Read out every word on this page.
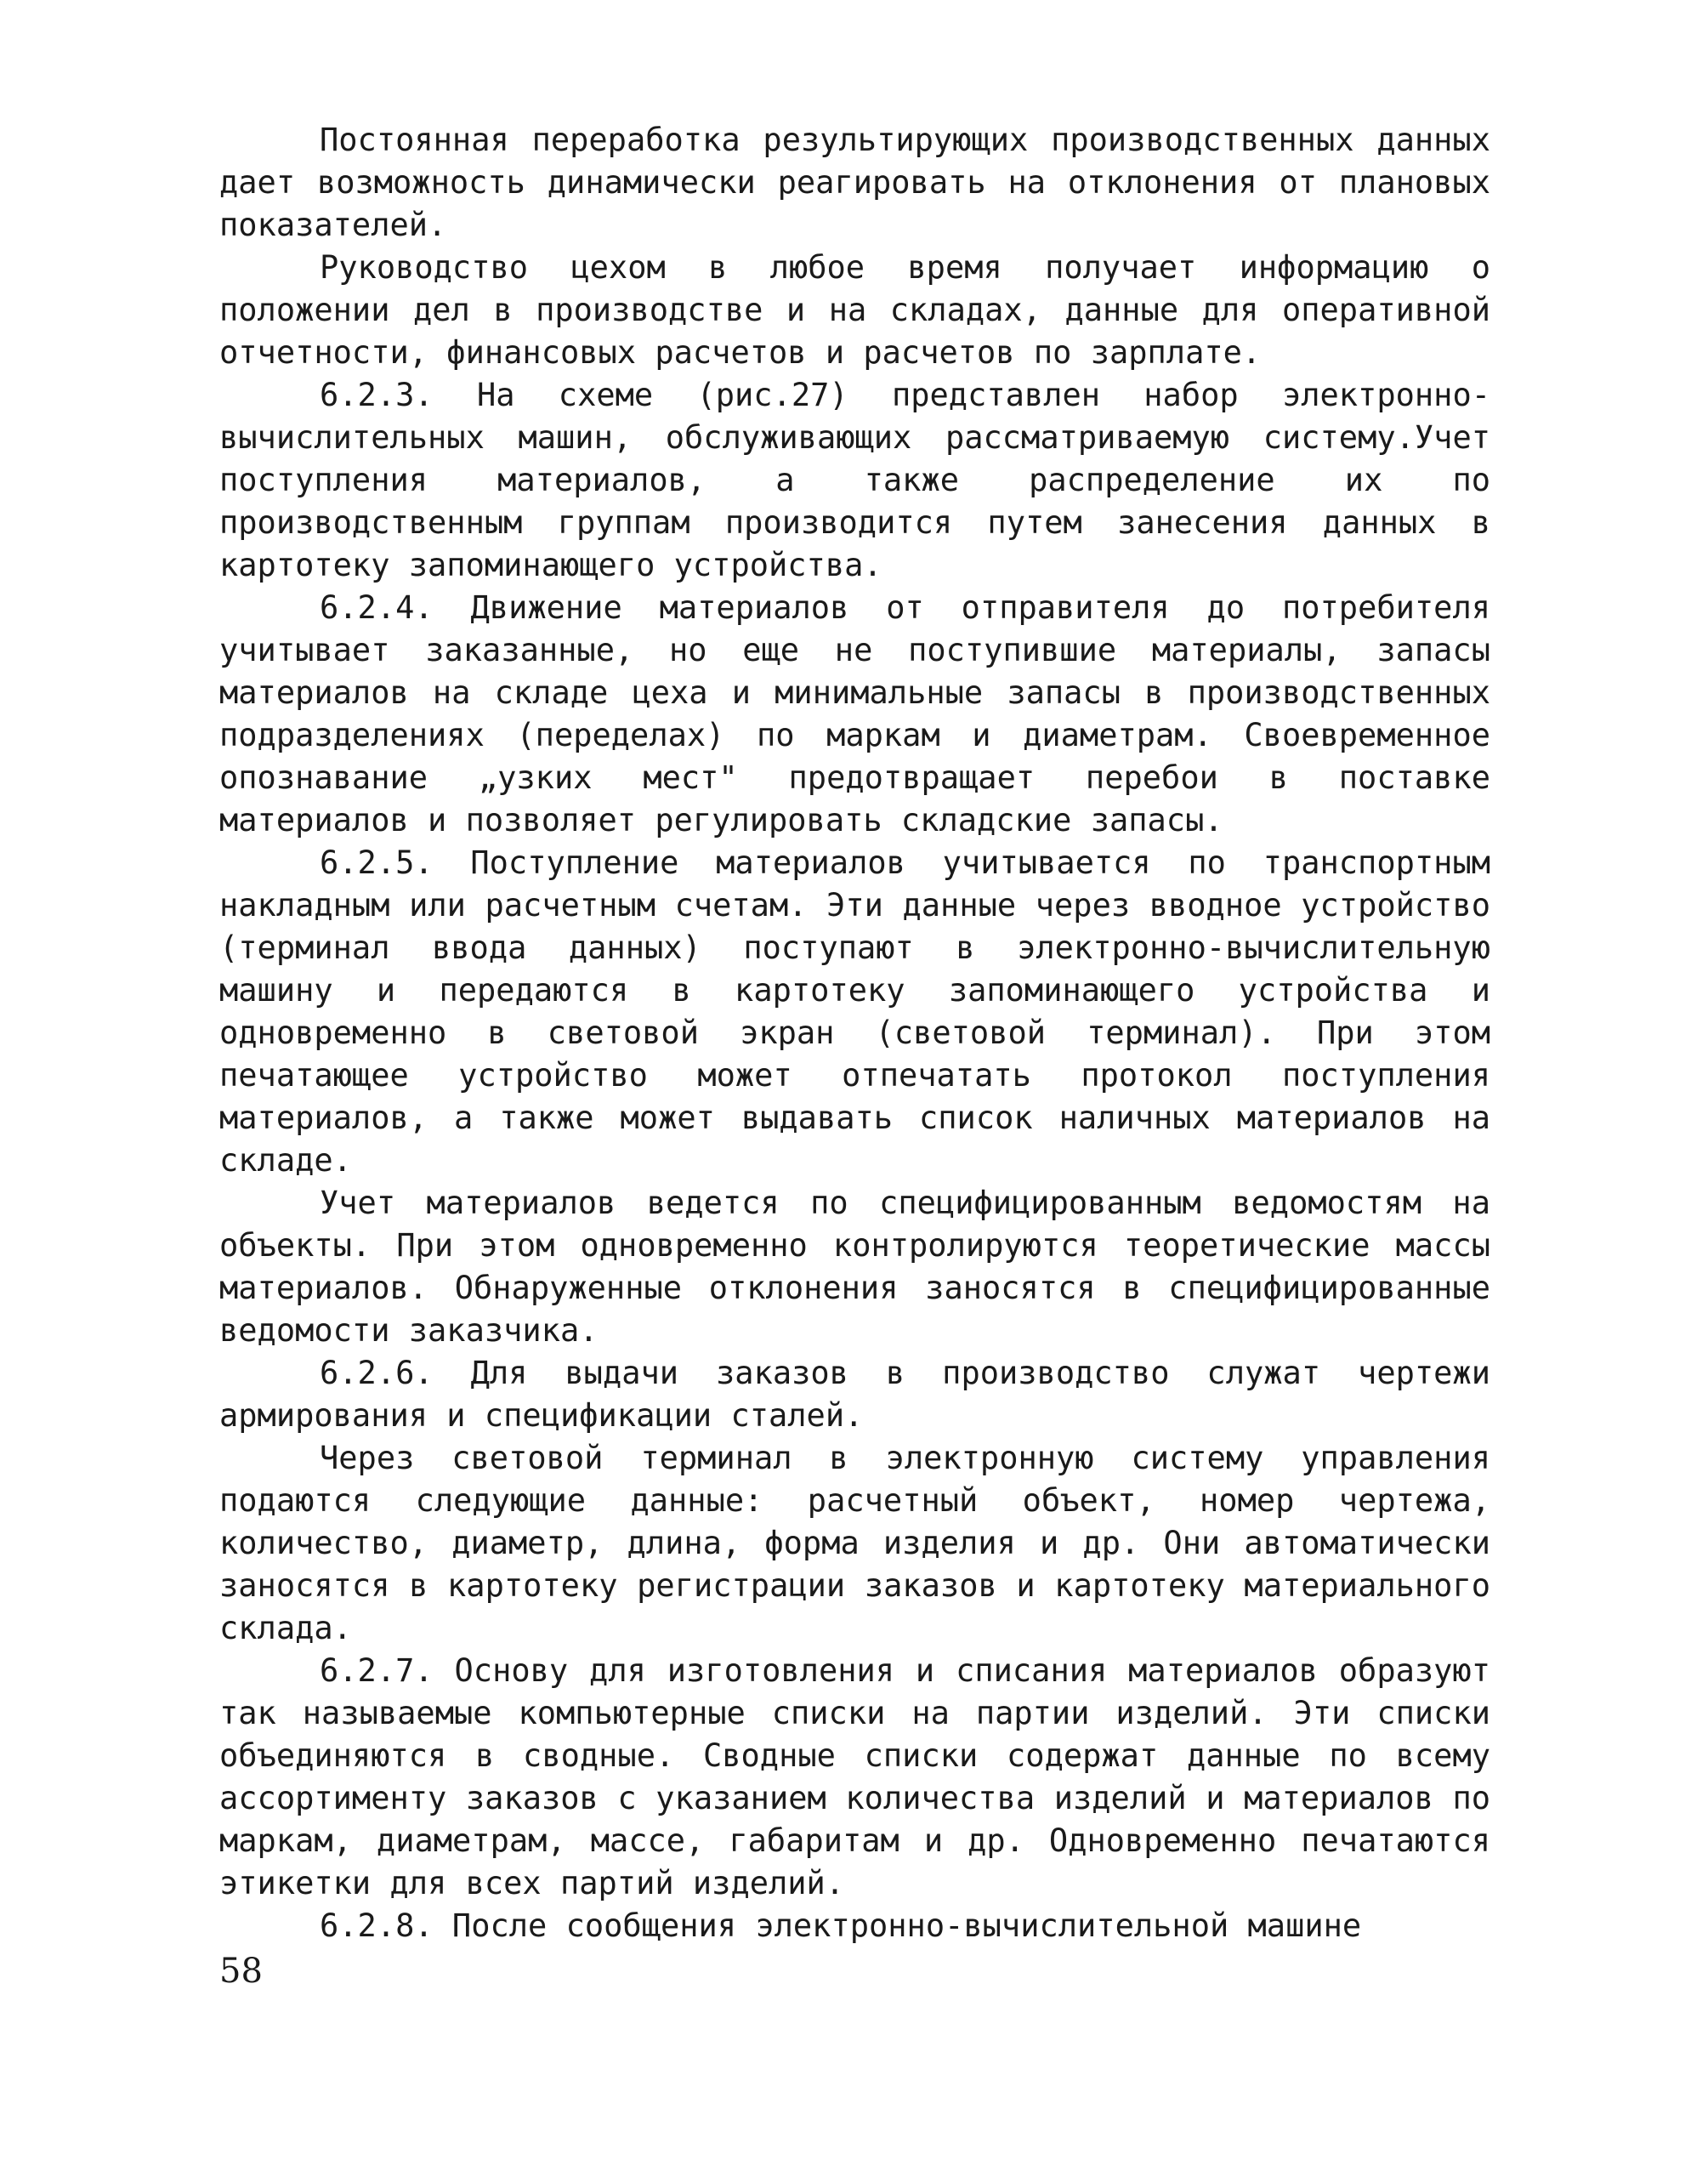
Постоянная переработка результирующих производственных данных дает возможность динамически реагировать на отклонения от плановых показателей.

Руководство цехом в любое время получает информацию о положении дел в производстве и на складах, данные для оперативной отчетности, финансовых расчетов и расчетов по зарплате.

6.2.3. На схеме (рис.27) представлен набор электронно-вычислительных машин, обслуживающих рассматриваемую систему.Учет поступления материалов, а также распределение их по производственным группам производится путем занесения данных в картотеку запоминающего устройства.

6.2.4. Движение материалов от отправителя до потребителя учитывает заказанные, но еще не поступившие материалы, запасы материалов на складе цеха и минимальные запасы в производственных подразделениях (переделах) по маркам и диаметрам. Своевременное опознавание „узких мест" предотвращает перебои в поставке материалов и позволяет регулировать складские запасы.

6.2.5. Поступление материалов учитывается по транспортным накладным или расчетным счетам. Эти данные через вводное устройство (терминал ввода данных) поступают в электронно-вычислительную машину и передаются в картотеку запоминающего устройства и одновременно в световой экран (световой терминал). При этом печатающее устройство может отпечатать протокол поступления материалов, а также может выдавать список наличных материалов на складе.

Учет материалов ведется по специфицированным ведомостям на объекты. При этом одновременно контролируются теоретические массы материалов. Обнаруженные отклонения заносятся в специфицированные ведомости заказчика.

6.2.6. Для выдачи заказов в производство служат чертежи армирования и спецификации сталей.

Через световой терминал в электронную систему управления подаются следующие данные: расчетный объект, номер чертежа, количество, диаметр, длина, форма изделия и др. Они автоматически заносятся в картотеку регистрации заказов и картотеку материального склада.

6.2.7. Основу для изготовления и списания материалов образуют так называемые компьютерные списки на партии изделий. Эти списки объединяются в сводные. Сводные списки содержат данные по всему ассортименту заказов с указанием количества изделий и материалов по маркам, диаметрам, массе, габаритам и др. Одновременно печатаются этикетки для всех партий изделий.

6.2.8. После сообщения электронно-вычислительной машине

58
